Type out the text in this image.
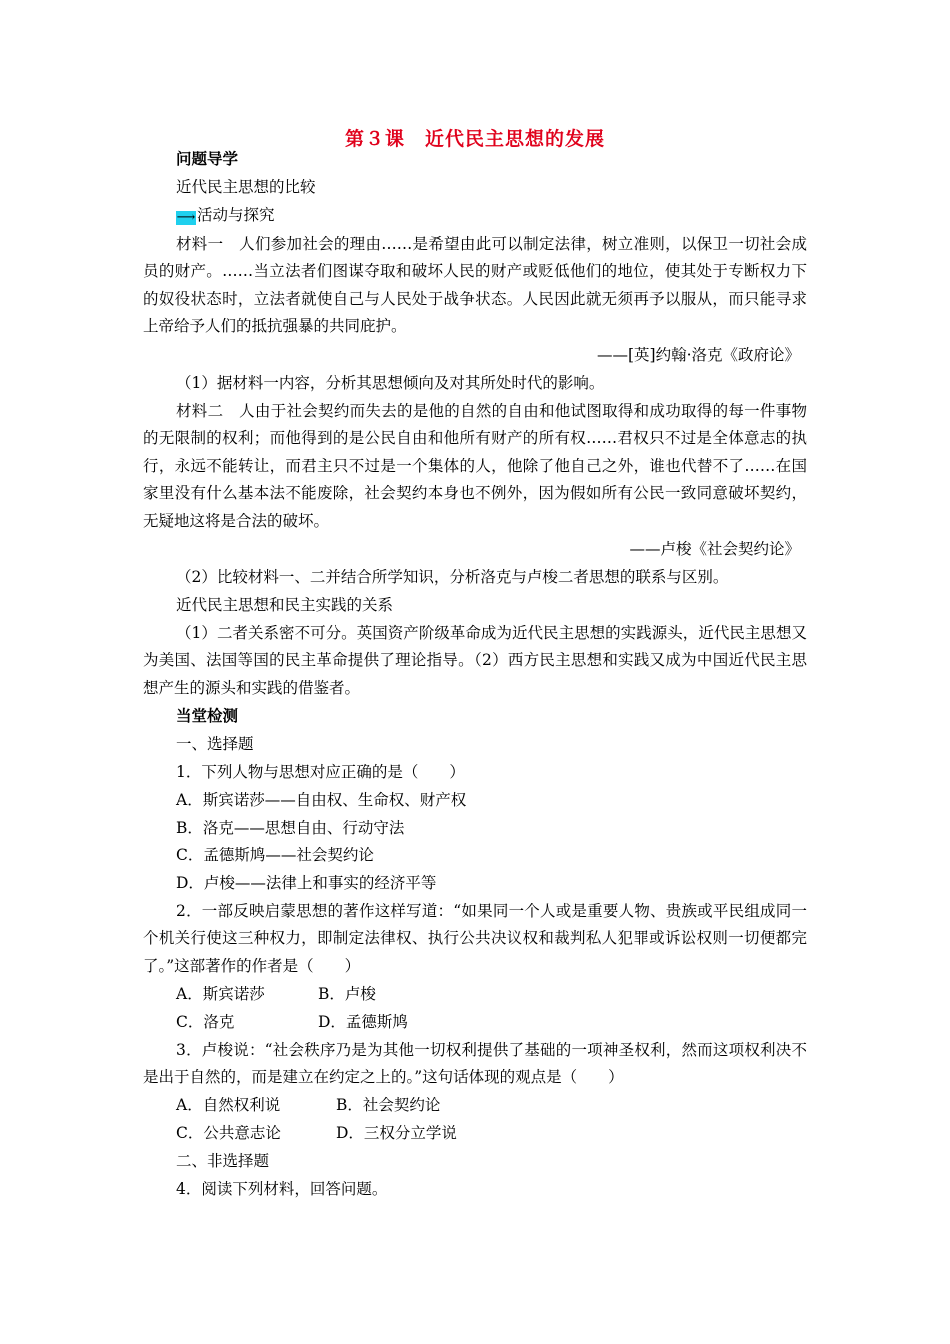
第３课　近代民主思想的发展
问题导学
近代民主思想的比较
⟶ 活动与探究
材料一　人们参加社会的理由……是希望由此可以制定法律，树立准则，以保卫一切社会成员的财产。……当立法者们图谋夺取和破坏人民的财产或贬低他们的地位，使其处于专断权力下的奴役状态时，立法者就使自己与人民处于战争状态。人民因此就无须再予以服从，而只能寻求上帝给予人们的抵抗强暴的共同庇护。
——[英]约翰·洛克《政府论》
（1）据材料一内容，分析其思想倾向及对其所处时代的影响。
材料二　人由于社会契约而失去的是他的自然的自由和他试图取得和成功取得的每一件事物的无限制的权利；而他得到的是公民自由和他所有财产的所有权……君权只不过是全体意志的执行，永远不能转让，而君主只不过是一个集体的人，他除了他自己之外，谁也代替不了……在国家里没有什么基本法不能废除，社会契约本身也不例外，因为假如所有公民一致同意破坏契约，无疑地这将是合法的破坏。
——卢梭《社会契约论》
（2）比较材料一、二并结合所学知识，分析洛克与卢梭二者思想的联系与区别。
近代民主思想和民主实践的关系
（1）二者关系密不可分。英国资产阶级革命成为近代民主思想的实践源头，近代民主思想又为美国、法国等国的民主革命提供了理论指导。（2）西方民主思想和实践又成为中国近代民主思想产生的源头和实践的借鉴者。
当堂检测
一、选择题
1．下列人物与思想对应正确的是（　　）
A．斯宾诺莎——自由权、生命权、财产权
B．洛克——思想自由、行动守法
C．孟德斯鸠——社会契约论
D．卢梭——法律上和事实的经济平等
2．一部反映启蒙思想的著作这样写道：“如果同一个人或是重要人物、贵族或平民组成同一个机关行使这三种权力，即制定法律权、执行公共决议权和裁判私人犯罪或诉讼权则一切便都完了。”这部著作的作者是（　　）
A．斯宾诺莎	B．卢梭
C．洛克	D．孟德斯鸠
3．卢梭说：“社会秩序乃是为其他一切权利提供了基础的一项神圣权利，然而这项权利决不是出于自然的，而是建立在约定之上的。”这句话体现的观点是（　　）
A．自然权利说	B．社会契约论
C．公共意志论	D．三权分立学说
二、非选择题
4．阅读下列材料，回答问题。
